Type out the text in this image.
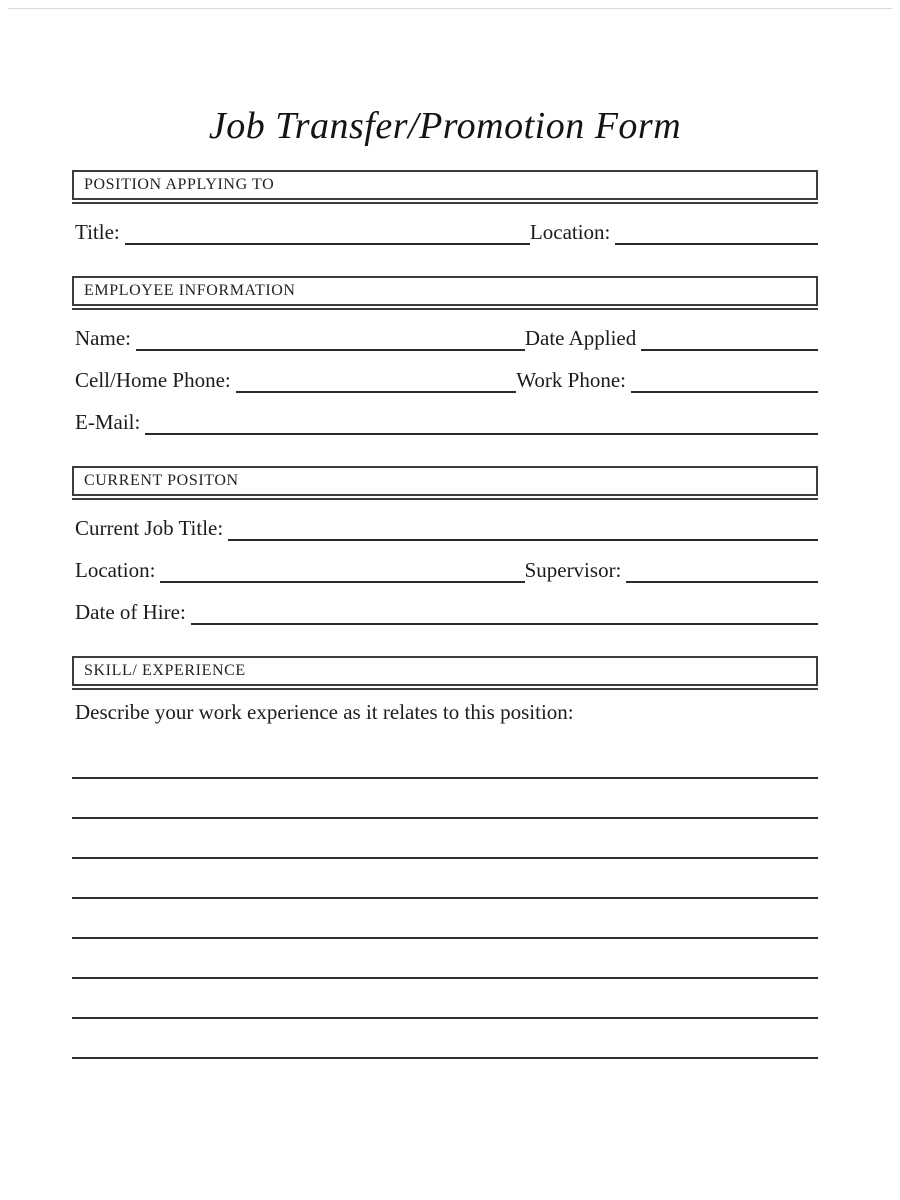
Job Transfer/Promotion Form
POSITION APPLYING TO
Title:	Location:
EMPLOYEE INFORMATION
Name:	Date Applied
Cell/Home Phone:	Work Phone:
E-Mail:
CURRENT POSITON
Current Job Title:
Location:	Supervisor:
Date of Hire:
SKILL/ EXPERIENCE
Describe your work experience as it relates to this position:
